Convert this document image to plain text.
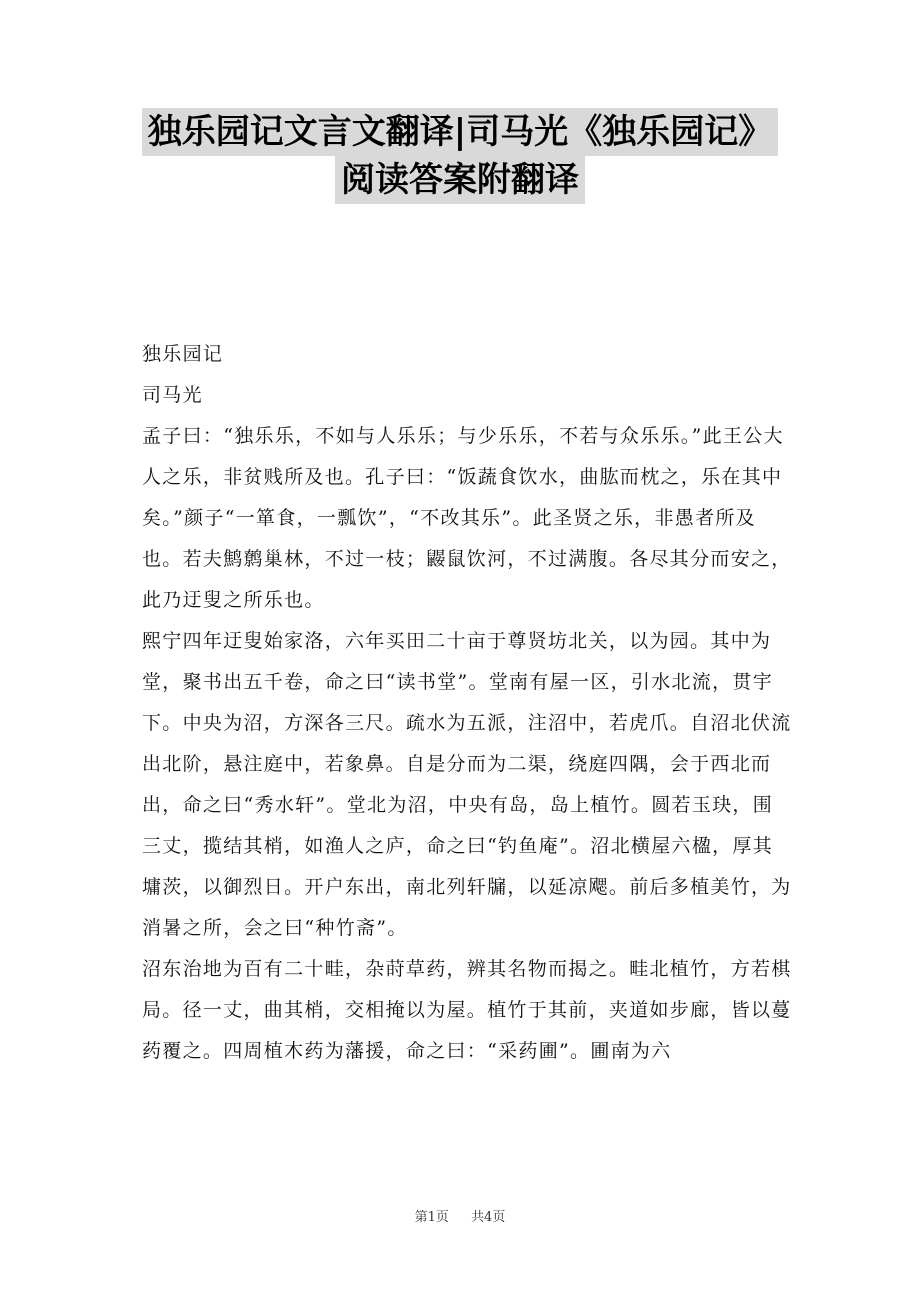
独乐园记文言文翻译|司马光《独乐园记》
阅读答案附翻译

独乐园记

司马光

孟子曰：“独乐乐，不如与人乐乐；与少乐乐，不若与众乐乐。”此王公大人之乐，非贫贱所及也。孔子曰：“饭蔬食饮水，曲肱而枕之，乐在其中矣。”颜子“一箪食，一瓢饮”，“不改其乐”。此圣贤之乐，非愚者所及也。若夫鹪鹩巢林，不过一枝；鼹鼠饮河，不过满腹。各尽其分而安之，此乃迂叟之所乐也。

熙宁四年迂叟始家洛，六年买田二十亩于尊贤坊北关，以为园。其中为堂，聚书出五千卷，命之曰“读书堂”。堂南有屋一区，引水北流，贯宇下。中央为沼，方深各三尺。疏水为五派，注沼中，若虎爪。自沼北伏流出北阶，悬注庭中，若象鼻。自是分而为二渠，绕庭四隅，会于西北而出，命之曰“秀水轩”。堂北为沼，中央有岛，岛上植竹。圆若玉玦，围三丈，揽结其梢，如渔人之庐，命之曰“钓鱼庵”。沼北横屋六楹，厚其墉茨，以御烈日。开户东出，南北列轩牖，以延凉飔。前后多植美竹，为消暑之所，会之曰“种竹斋”。

沼东治地为百有二十畦，杂莳草药，辨其名物而揭之。畦北植竹，方若棋局。径一丈，曲其梢，交相掩以为屋。植竹于其前，夹道如步廊，皆以蔓药覆之。四周植木药为藩援，命之曰：“采药圃”。圃南为六

第1页 共4页
